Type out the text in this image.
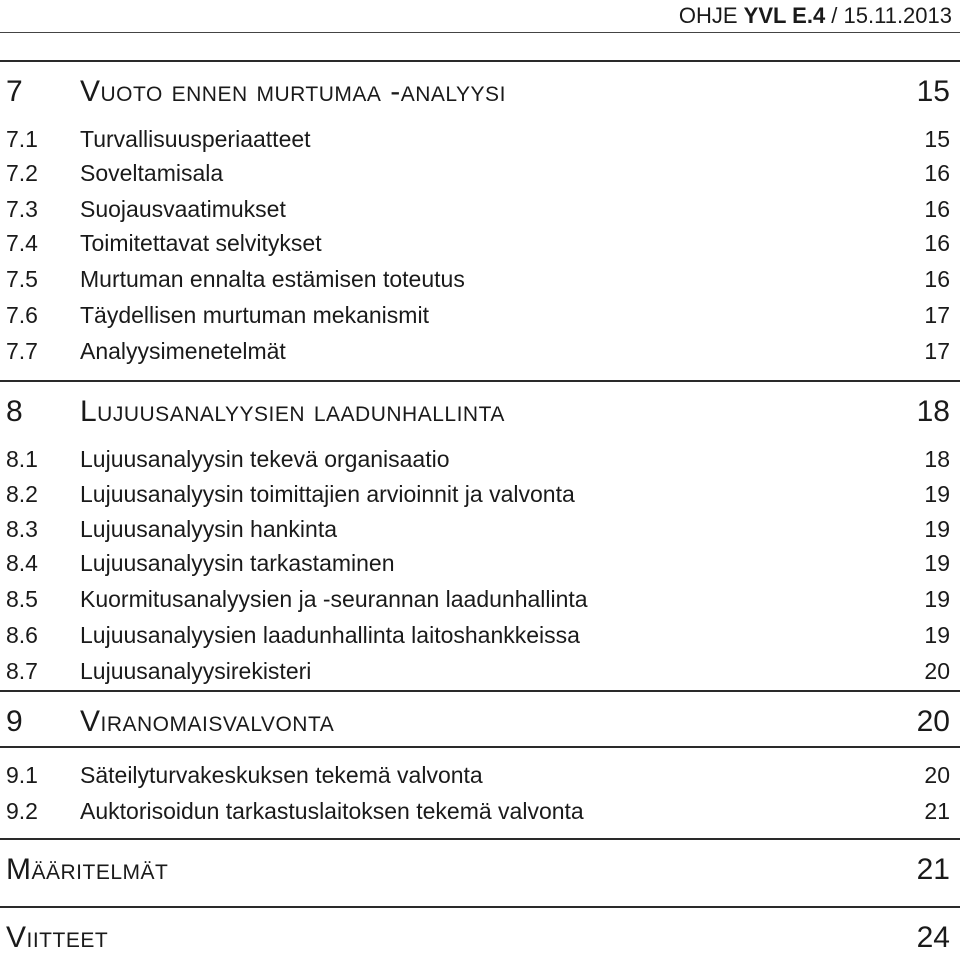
OHJE YVL E.4 / 15.11.2013
7	Vuoto ennen murtumaa -analyysi	15
7.1	Turvallisuusperiaatteet	15
7.2	Soveltamisala	16
7.3	Suojausvaatimukset	16
7.4	Toimitettavat selvitykset	16
7.5	Murtuman ennalta estämisen toteutus	16
7.6	Täydellisen murtuman mekanismit	17
7.7	Analyysimenetelmät	17
8	Lujuusanalyysien laadunhallinta	18
8.1	Lujuusanalyysin tekevä organisaatio	18
8.2	Lujuusanalyysin toimittajien arvioinnit ja valvonta	19
8.3	Lujuusanalyysin hankinta	19
8.4	Lujuusanalyysin tarkastaminen	19
8.5	Kuormitusanalyysien ja -seurannan laadunhallinta	19
8.6	Lujuusanalyysien laadunhallinta laitoshankkeissa	19
8.7	Lujuusanalyysirekisteri	20
9	Viranomaisvalvonta	20
9.1	Säteilyturvakeskuksen tekemä valvonta	20
9.2	Auktorisoidun tarkastuslaitoksen tekemä valvonta	21
Määritelmät	21
Viitteet	24
